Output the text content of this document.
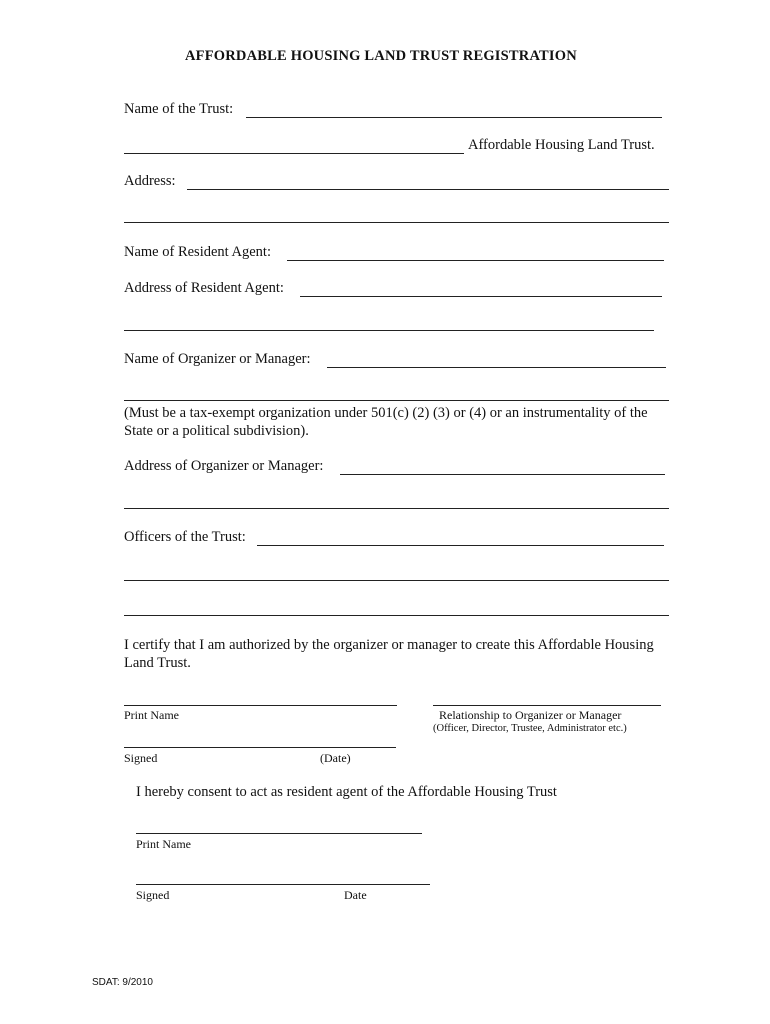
AFFORDABLE HOUSING LAND TRUST REGISTRATION
Name of the Trust:
Affordable Housing Land Trust.
Address:
Name of Resident Agent:
Address of Resident Agent:
Name of Organizer or Manager:
(Must be a tax-exempt organization under 501(c) (2) (3) or (4) or an instrumentality of the
State or a political subdivision).
Address of Organizer or Manager:
Officers of the Trust:
I certify that I am authorized by the organizer or manager to create this Affordable Housing
Land Trust.
Print Name	Relationship to Organizer or Manager
(Officer, Director, Trustee, Administrator etc.)
Signed	(Date)
I hereby consent to act as resident agent of the Affordable Housing Trust
Print Name
Signed	Date
SDAT: 9/2010
